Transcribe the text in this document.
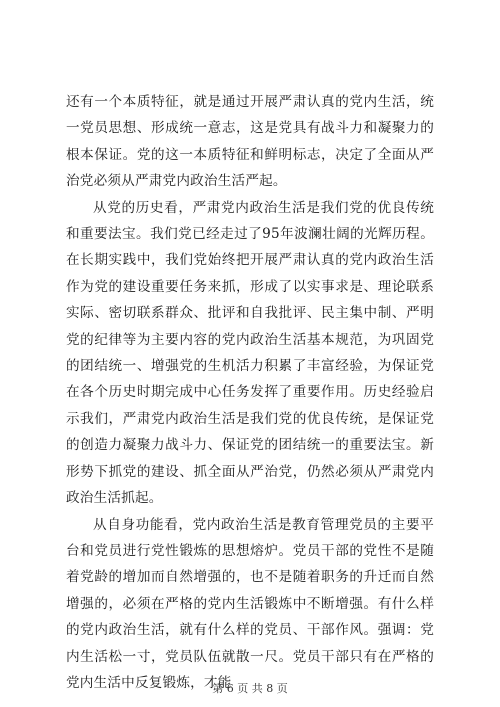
还有一个本质特征，就是通过开展严肃认真的党内生活，统一党员思想、形成统一意志，这是党具有战斗力和凝聚力的根本保证。党的这一本质特征和鲜明标志，决定了全面从严治党必须从严肃党内政治生活严起。

从党的历史看，严肃党内政治生活是我们党的优良传统和重要法宝。我们党已经走过了95年波澜壮阔的光辉历程。在长期实践中，我们党始终把开展严肃认真的党内政治生活作为党的建设重要任务来抓，形成了以实事求是、理论联系实际、密切联系群众、批评和自我批评、民主集中制、严明党的纪律等为主要内容的党内政治生活基本规范，为巩固党的团结统一、增强党的生机活力积累了丰富经验，为保证党在各个历史时期完成中心任务发挥了重要作用。历史经验启示我们，严肃党内政治生活是我们党的优良传统，是保证党的创造力凝聚力战斗力、保证党的团结统一的重要法宝。新形势下抓党的建设、抓全面从严治党，仍然必须从严肃党内政治生活抓起。

从自身功能看，党内政治生活是教育管理党员的主要平台和党员进行党性锻炼的思想熔炉。党员干部的党性不是随着党龄的增加而自然增强的，也不是随着职务的升迁而自然增强的，必须在严格的党内生活锻炼中不断增强。有什么样的党内政治生活，就有什么样的党员、干部作风。强调：党内生活松一寸，党员队伍就散一尺。党员干部只有在严格的党内生活中反复锻炼，才能

第 6 页 共 8 页
